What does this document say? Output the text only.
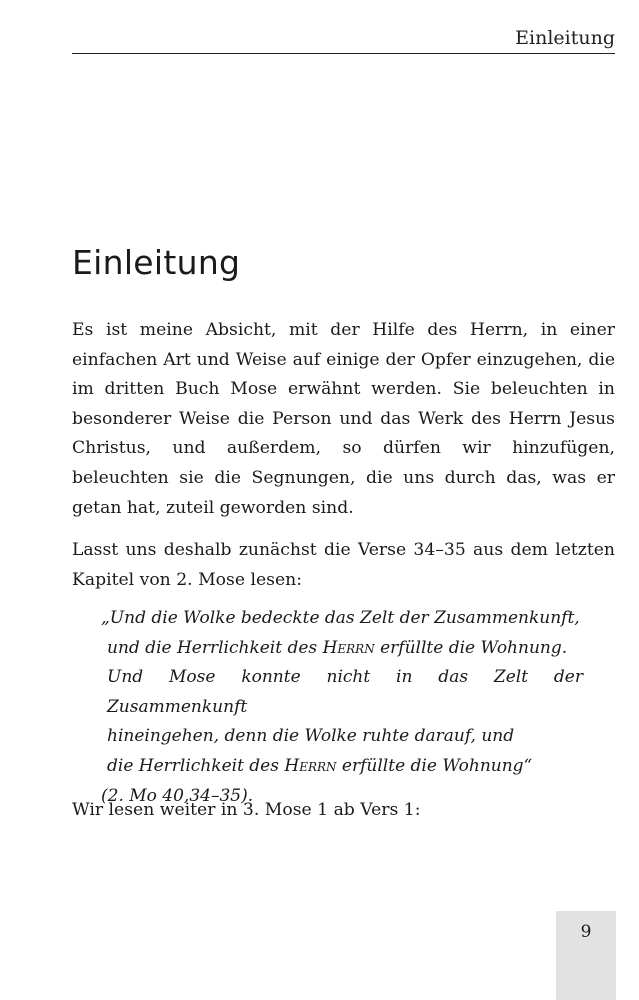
Einleitung
Einleitung

Es ist meine Absicht, mit der Hilfe des Herrn, in einer einfachen Art und Weise auf einige der Opfer einzugehen, die im dritten Buch Mose erwähnt werden. Sie beleuchten in besonderer Weise die Person und das Werk des Herrn Jesus Christus, und außerdem, so dürfen wir hinzufügen, beleuchten sie die Segnungen, die uns durch das, was er getan hat, zuteil geworden sind.

Lasst uns deshalb zunächst die Verse 34–35 aus dem letzten Kapitel von 2. Mose lesen:

„Und die Wolke bedeckte das Zelt der Zusammenkunft,
und die Herrlichkeit des Herrn erfüllte die Wohnung.
Und Mose konnte nicht in das Zelt der Zusammenkunft
hineingehen, denn die Wolke ruhte darauf, und
die Herrlichkeit des Herrn erfüllte die Wohnung“
(2. Mo 40,34–35).

Wir lesen weiter in 3. Mose 1 ab Vers 1:

9
